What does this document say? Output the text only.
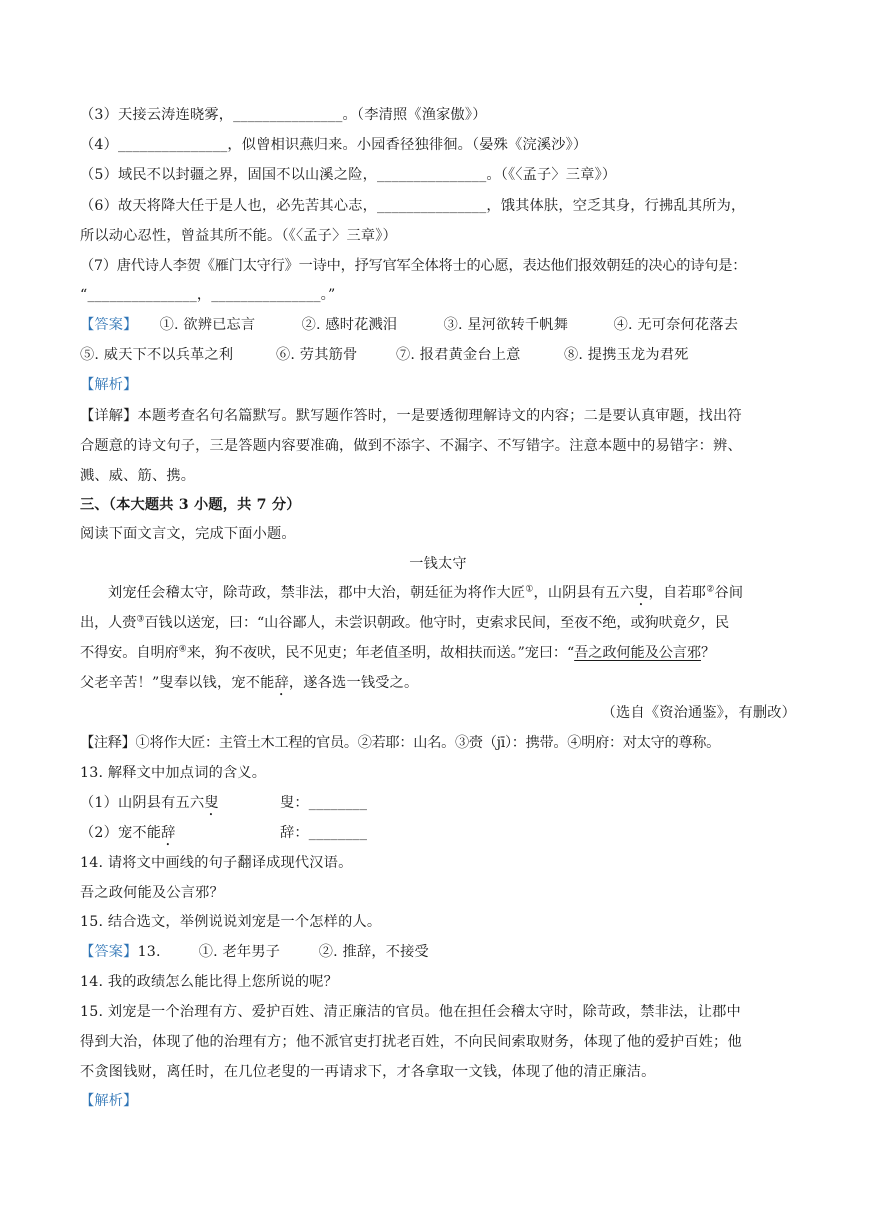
（3）天接云涛连晓雾，_______________。（李清照《渔家傲》）
（4）_______________，似曾相识燕归来。小园香径独徘徊。（晏殊《浣溪沙》）
（5）域民不以封疆之界，固国不以山溪之险，_______________。（《〈孟子〉三章》）
（6）故天将降大任于是人也，必先苦其心志，_______________，饿其体肤，空乏其身，行拂乱其所为，
所以动心忍性，曾益其所不能。（《〈孟子〉三章》）
（7）唐代诗人李贺《雁门太守行》一诗中，抒写官军全体将士的心愿，表达他们报效朝廷的决心的诗句是：
“_______________，_______________。”
【答案】 ①. 欲辨已忘言	②. 感时花溅泪	③. 星河欲转千帆舞	④. 无可奈何花落去
⑤. 威天下不以兵革之利	⑥. 劳其筋骨	⑦. 报君黄金台上意	⑧. 提携玉龙为君死
【解析】
【详解】本题考查名句名篇默写。默写题作答时，一是要透彻理解诗文的内容；二是要认真审题，找出符
合题意的诗文句子，三是答题内容要准确，做到不添字、不漏字、不写错字。注意本题中的易错字：辨、
溅、威、筋、携。
三、（本大题共 3 小题，共 7 分）
阅读下面文言文，完成下面小题。
一钱太守
刘宠任会稽太守，除苛政，禁非法，郡中大治，朝廷征为将作大匠①，山阴县有五六叟，自若耶②谷间
出，人赍③百钱以送宠，曰：“山谷鄙人，未尝识朝政。他守时，吏索求民间，至夜不绝，或狗吠竟夕，民
不得安。自明府④来，狗不夜吠，民不见吏；年老值圣明，故相扶而送。”宠曰：“吾之政何能及公言邪？
父老辛苦！”叟奉以钱，宠不能辞，遂各选一钱受之。
（选自《资治通鉴》，有删改）
【注释】①将作大匠：主管土木工程的官员。②若耶：山名。③赍（jī）：携带。④明府：对太守的尊称。
13. 解释文中加点词的含义。
（1）山阴县有五六叟	叟：________
（2）宠不能辞	辞：________
14. 请将文中画线的句子翻译成现代汉语。
吾之政何能及公言邪？
15. 结合选文，举例说说刘宠是一个怎样的人。
【答案】13.	①. 老年男子	②. 推辞，不接受
14. 我的政绩怎么能比得上您所说的呢？
15. 刘宠是一个治理有方、爱护百姓、清正廉洁的官员。他在担任会稽太守时，除苛政，禁非法，让郡中
得到大治，体现了他的治理有方；他不派官吏打扰老百姓，不向民间索取财务，体现了他的爱护百姓；他
不贪图钱财，离任时，在几位老叟的一再请求下，才各拿取一文钱，体现了他的清正廉洁。
【解析】
